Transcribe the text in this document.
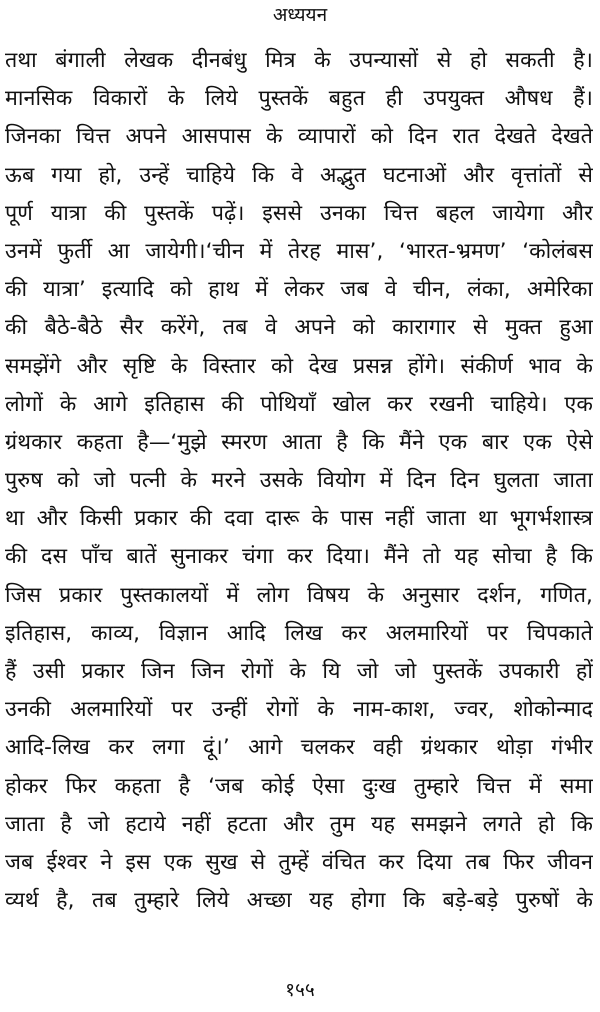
अध्ययन
तथा बंगाली लेखक दीनबंधु मित्र के उपन्यासों से हो सकती है।
मानसिक विकारों के लिये पुस्तकें बहुत ही उपयुक्त औषध हैं।
जिनका चित्त अपने आसपास के व्यापारों को दिन रात देखते देखते
ऊब गया हो, उन्हें चाहिये कि वे अद्भुत घटनाओं और वृत्तांतों से
पूर्ण यात्रा की पुस्तकें पढ़ें। इससे उनका चित्त बहल जायेगा और
उनमें फुर्ती आ जायेगी।‘चीन में तेरह मास’, ‘भारत-भ्रमण’ ‘कोलंबस
की यात्रा’ इत्यादि को हाथ में लेकर जब वे चीन, लंका, अमेरिका
की बैठे-बैठे सैर करेंगे, तब वे अपने को कारागार से मुक्त हुआ
समझेंगे और सृष्टि के विस्तार को देख प्रसन्न होंगे। संकीर्ण भाव के
लोगों के आगे इतिहास की पोथियाँ खोल कर रखनी चाहिये। एक
ग्रंथकार कहता है—‘मुझे स्मरण आता है कि मैंने एक बार एक ऐसे
पुरुष को जो पत्नी के मरने उसके वियोग में दिन दिन घुलता जाता
था और किसी प्रकार की दवा दारू के पास नहीं जाता था भूगर्भशास्त्र
की दस पाँच बातें सुनाकर चंगा कर दिया। मैंने तो यह सोचा है कि
जिस प्रकार पुस्तकालयों में लोग विषय के अनुसार दर्शन, गणित,
इतिहास, काव्य, विज्ञान आदि लिख कर अलमारियों पर चिपकाते
हैं उसी प्रकार जिन जिन रोगों के यि जो जो पुस्तकें उपकारी हों
उनकी अलमारियों पर उन्हीं रोगों के नाम-काश, ज्वर, शोकोन्माद
आदि-लिख कर लगा दूं।’ आगे चलकर वही ग्रंथकार थोड़ा गंभीर
होकर फिर कहता है ‘जब कोई ऐसा दुःख तुम्हारे चित्त में समा
जाता है जो हटाये नहीं हटता और तुम यह समझने लगते हो कि
जब ईश्वर ने इस एक सुख से तुम्हें वंचित कर दिया तब फिर जीवन
व्यर्थ है, तब तुम्हारे लिये अच्छा यह होगा कि बड़े-बड़े पुरुषों के
१५५
